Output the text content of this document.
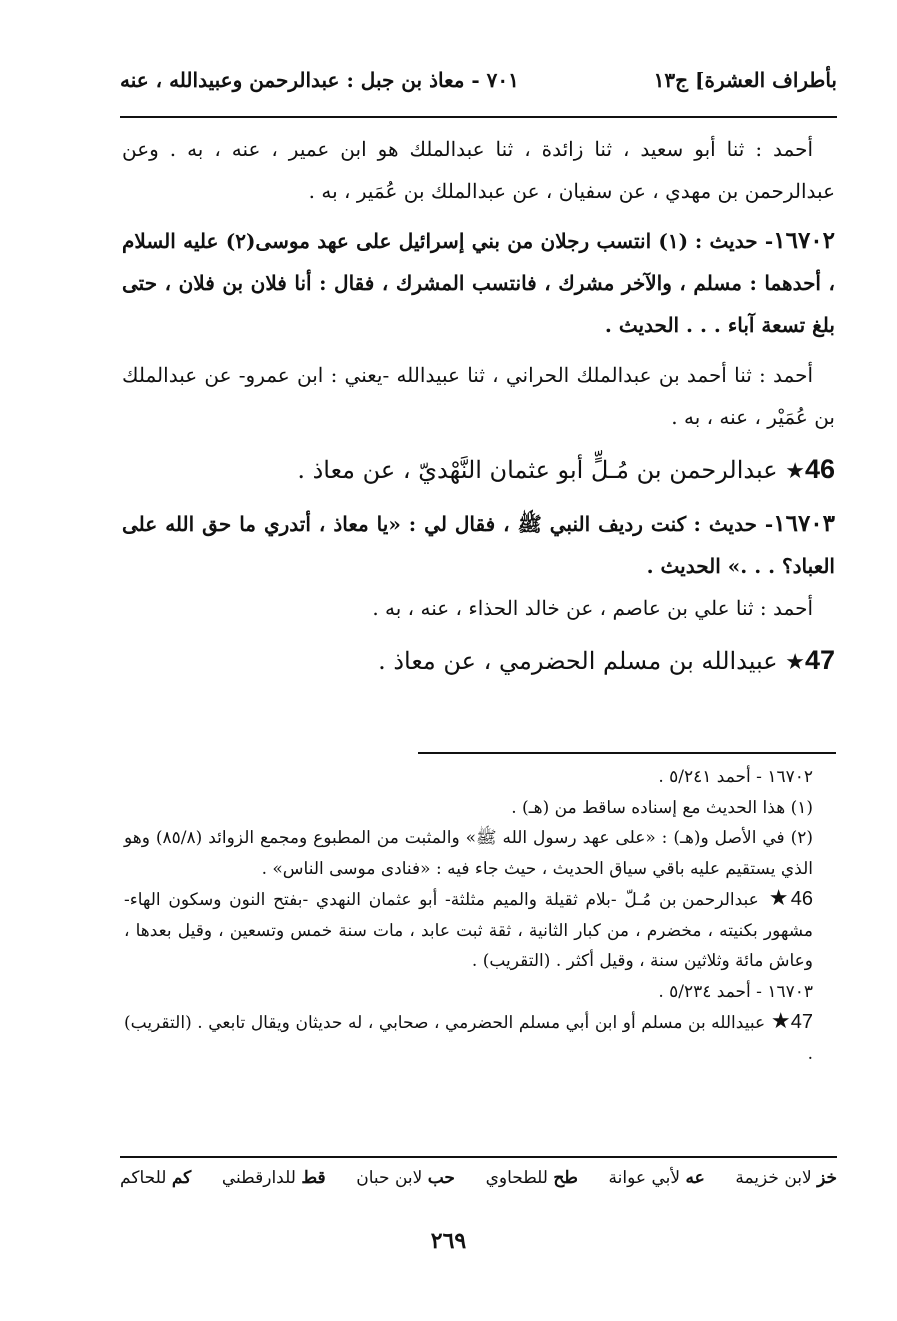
بأطراف العشرة] ج١٣
٧٠١ - معاذ بن جبل : عبدالرحمن وعبيدالله ، عنه

أحمد : ثنا أبو سعيد ، ثنا زائدة ، ثنا عبدالملك هو ابن عمير ، عنه ، به . وعن عبدالرحمن بن مهدي ، عن سفيان ، عن عبدالملك بن عُمَير ، به .

١٦٧٠٢- حديث : (١) انتسب رجلان من بني إسرائيل على عهد موسى(٢) عليه السلام ، أحدهما : مسلم ، والآخر مشرك ، فانتسب المشرك ، فقال : أنا فلان بن فلان ، حتى بلغ تسعة آباء . . . الحديث .

أحمد : ثنا أحمد بن عبدالملك الحراني ، ثنا عبيدالله -يعني : ابن عمرو- عن عبدالملك بن عُمَيْر ، عنه ، به .

46★ عبدالرحمن بن مُـلٍّ أبو عثمان النَّهْديّ ، عن معاذ .

١٦٧٠٣- حديث : كنت رديف النبي ﷺ ، فقال لي : «يا معاذ ، أتدري ما حق الله على العباد؟ . . .» الحديث .

أحمد : ثنا علي بن عاصم ، عن خالد الحذاء ، عنه ، به .

47★ عبيدالله بن مسلم الحضرمي ، عن معاذ .

١٦٧٠٢ - أحمد ٥/٢٤١ .

(١) هذا الحديث مع إسناده ساقط من (هـ) .

(٢) في الأصل و(هـ) : «على عهد رسول الله ﷺ» والمثبت من المطبوع ومجمع الزوائد (٨٥/٨) وهو الذي يستقيم عليه باقي سياق الحديث ، حيث جاء فيه : «فنادى موسى الناس» .

46★ عبدالرحمن بن مُـلّ -بلام ثقيلة والميم مثلثة- أبو عثمان النهدي -بفتح النون وسكون الهاء- مشهور بكنيته ، مخضرم ، من كبار الثانية ، ثقة ثبت عابد ، مات سنة خمس وتسعين ، وقيل بعدها ، وعاش مائة وثلاثين سنة ، وقيل أكثر . (التقريب) .

١٦٧٠٣ - أحمد ٥/٢٣٤ .

47★ عبيدالله بن مسلم أو ابن أبي مسلم الحضرمي ، صحابي ، له حديثان ويقال تابعي . (التقريب) .

خز لابن خزيمة
عه لأبي عوانة
طح للطحاوي
حب لابن حبان
قط للدارقطني
كم للحاكم
٢٦٩
